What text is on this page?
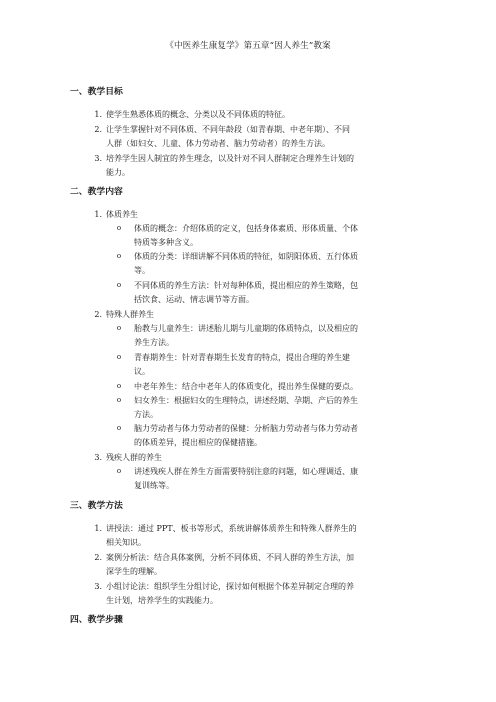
《中医养生康复学》第五章“因人养生”教案
一、教学目标
1. 使学生熟悉体质的概念、分类以及不同体质的特征。
2. 让学生掌握针对不同体质、不同年龄段（如青春期、中老年期）、不同
人群（如妇女、儿童、体力劳动者、脑力劳动者）的养生方法。
3. 培养学生因人制宜的养生理念，以及针对不同人群制定合理养生计划的
能力。
二、教学内容
1. 体质养生
o 体质的概念：介绍体质的定义，包括身体素质、形体质量、个体
特质等多种含义。
o 体质的分类：详细讲解不同体质的特征，如阴阳体质、五行体质
等。
o 不同体质的养生方法：针对每种体质，提出相应的养生策略，包
括饮食、运动、情志调节等方面。
2. 特殊人群养生
o 胎教与儿童养生：讲述胎儿期与儿童期的体质特点，以及相应的
养生方法。
o 青春期养生：针对青春期生长发育的特点，提出合理的养生建
议。
o 中老年养生：结合中老年人的体质变化，提出养生保健的要点。
o 妇女养生：根据妇女的生理特点，讲述经期、孕期、产后的养生
方法。
o 脑力劳动者与体力劳动者的保健：分析脑力劳动者与体力劳动者
的体质差异，提出相应的保健措施。
3. 残疾人群的养生
o 讲述残疾人群在养生方面需要特别注意的问题，如心理调适、康
复训练等。
三、教学方法
1. 讲授法：通过 PPT、板书等形式，系统讲解体质养生和特殊人群养生的
相关知识。
2. 案例分析法：结合具体案例，分析不同体质、不同人群的养生方法，加
深学生的理解。
3. 小组讨论法：组织学生分组讨论，探讨如何根据个体差异制定合理的养
生计划，培养学生的实践能力。
四、教学步骤
